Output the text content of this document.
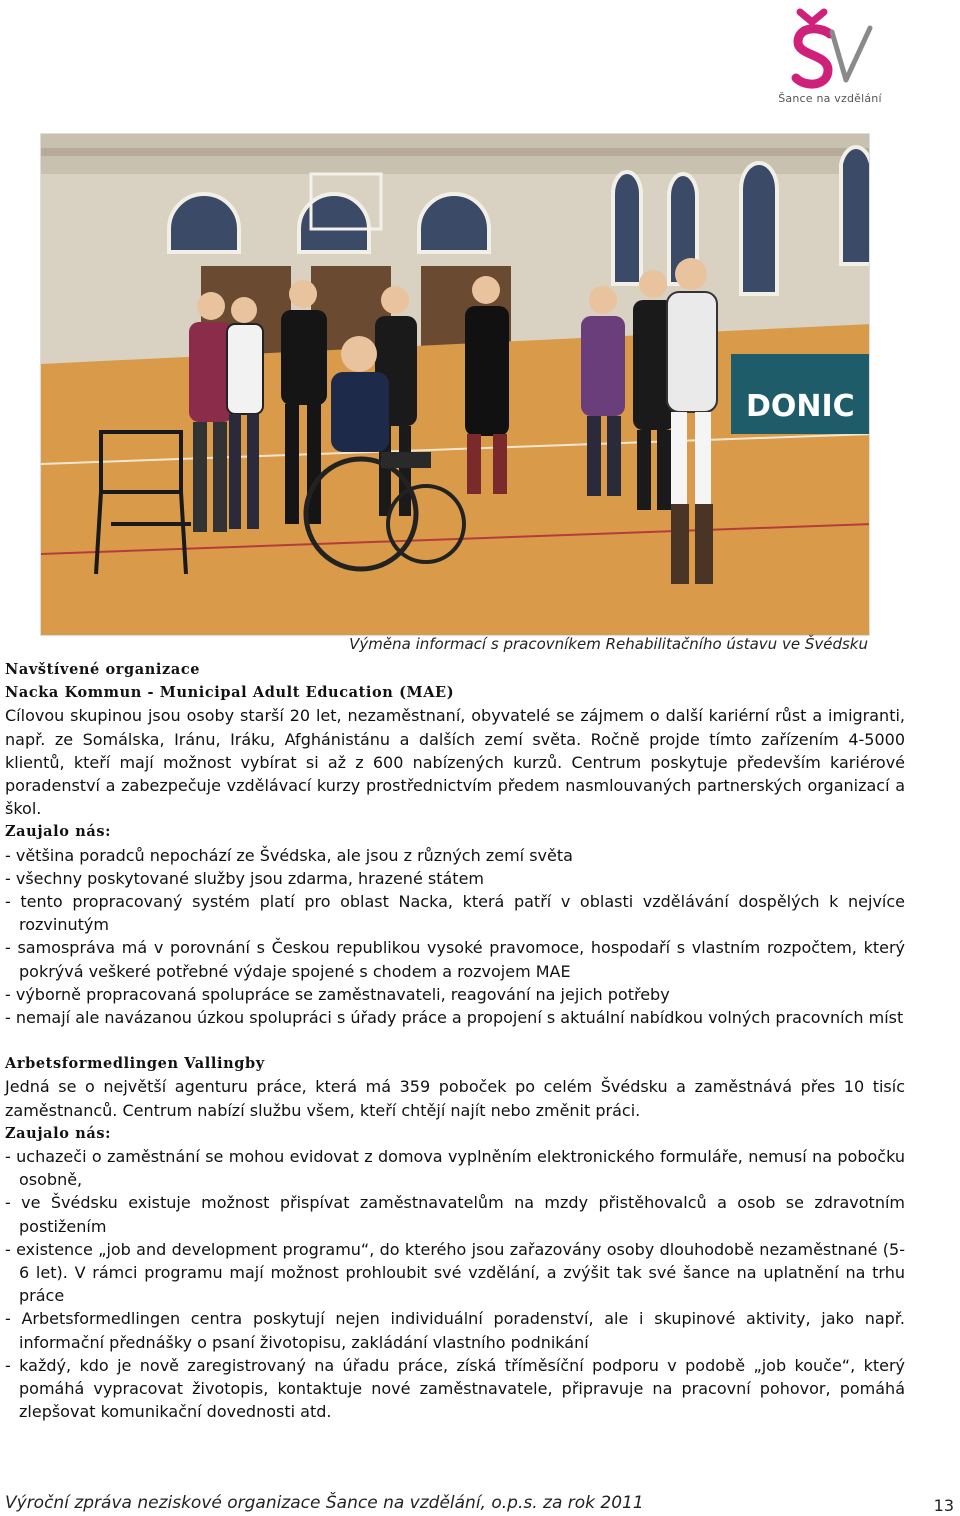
Šance na vzdělání
DONIC
Výměna informací s pracovníkem Rehabilitačního ústavu ve Švédsku

Navštívené organizace

Nacka Kommun - Municipal Adult Education (MAE)

Cílovou skupinou jsou osoby starší 20 let, nezaměstnaní, obyvatelé se zájmem o další kariérní růst a imigranti, např. ze Somálska, Iránu, Iráku, Afghánistánu a dalších zemí světa. Ročně projde tímto zařízením 4-5000 klientů, kteří mají možnost vybírat si až z 600 nabízených kurzů. Centrum poskytuje především kariérové poradenství a zabezpečuje vzdělávací kurzy prostřednictvím předem nasmlouvaných partnerských organizací a škol.

Zaujalo nás:

- většina poradců nepochází ze Švédska, ale jsou z různých zemí světa

- všechny poskytované služby jsou zdarma, hrazené státem

- tento propracovaný systém platí pro oblast Nacka, která patří v oblasti vzdělávání dospělých k nejvíce rozvinutým

- samospráva má v porovnání s Českou republikou vysoké pravomoce, hospodaří s vlastním rozpočtem, který pokrývá veškeré potřebné výdaje spojené s chodem a rozvojem MAE

- výborně propracovaná spolupráce se zaměstnavateli, reagování na jejich potřeby

- nemají ale navázanou úzkou spolupráci s úřady práce a propojení s aktuální nabídkou volných pracovních míst

Arbetsformedlingen Vallingby

Jedná se o největší agenturu práce, která má 359 poboček po celém Švédsku a zaměstnává přes 10 tisíc zaměstnanců. Centrum nabízí službu všem, kteří chtějí najít nebo změnit práci.

Zaujalo nás:

- uchazeči o zaměstnání se mohou evidovat z domova vyplněním elektronického formuláře, nemusí na pobočku osobně,

- ve Švédsku existuje možnost přispívat zaměstnavatelům na mzdy přistěhovalců a osob se zdravotním postižením

- existence „job and development programu“, do kterého jsou zařazovány osoby dlouhodobě nezaměstnané (5-6 let). V rámci programu mají možnost prohloubit své vzdělání, a zvýšit tak své šance na uplatnění na trhu práce

- Arbetsformedlingen centra poskytují nejen individuální poradenství, ale i skupinové aktivity, jako např. informační přednášky o psaní životopisu, zakládání vlastního podnikání

- každý, kdo je nově zaregistrovaný na úřadu práce, získá tříměsíční podporu v podobě „job kouče“, který pomáhá vypracovat životopis, kontaktuje nové zaměstnavatele, připravuje na pracovní pohovor, pomáhá zlepšovat komunikační dovednosti atd.

Výroční zpráva neziskové organizace Šance na vzdělání, o.p.s. za rok 2011	13
